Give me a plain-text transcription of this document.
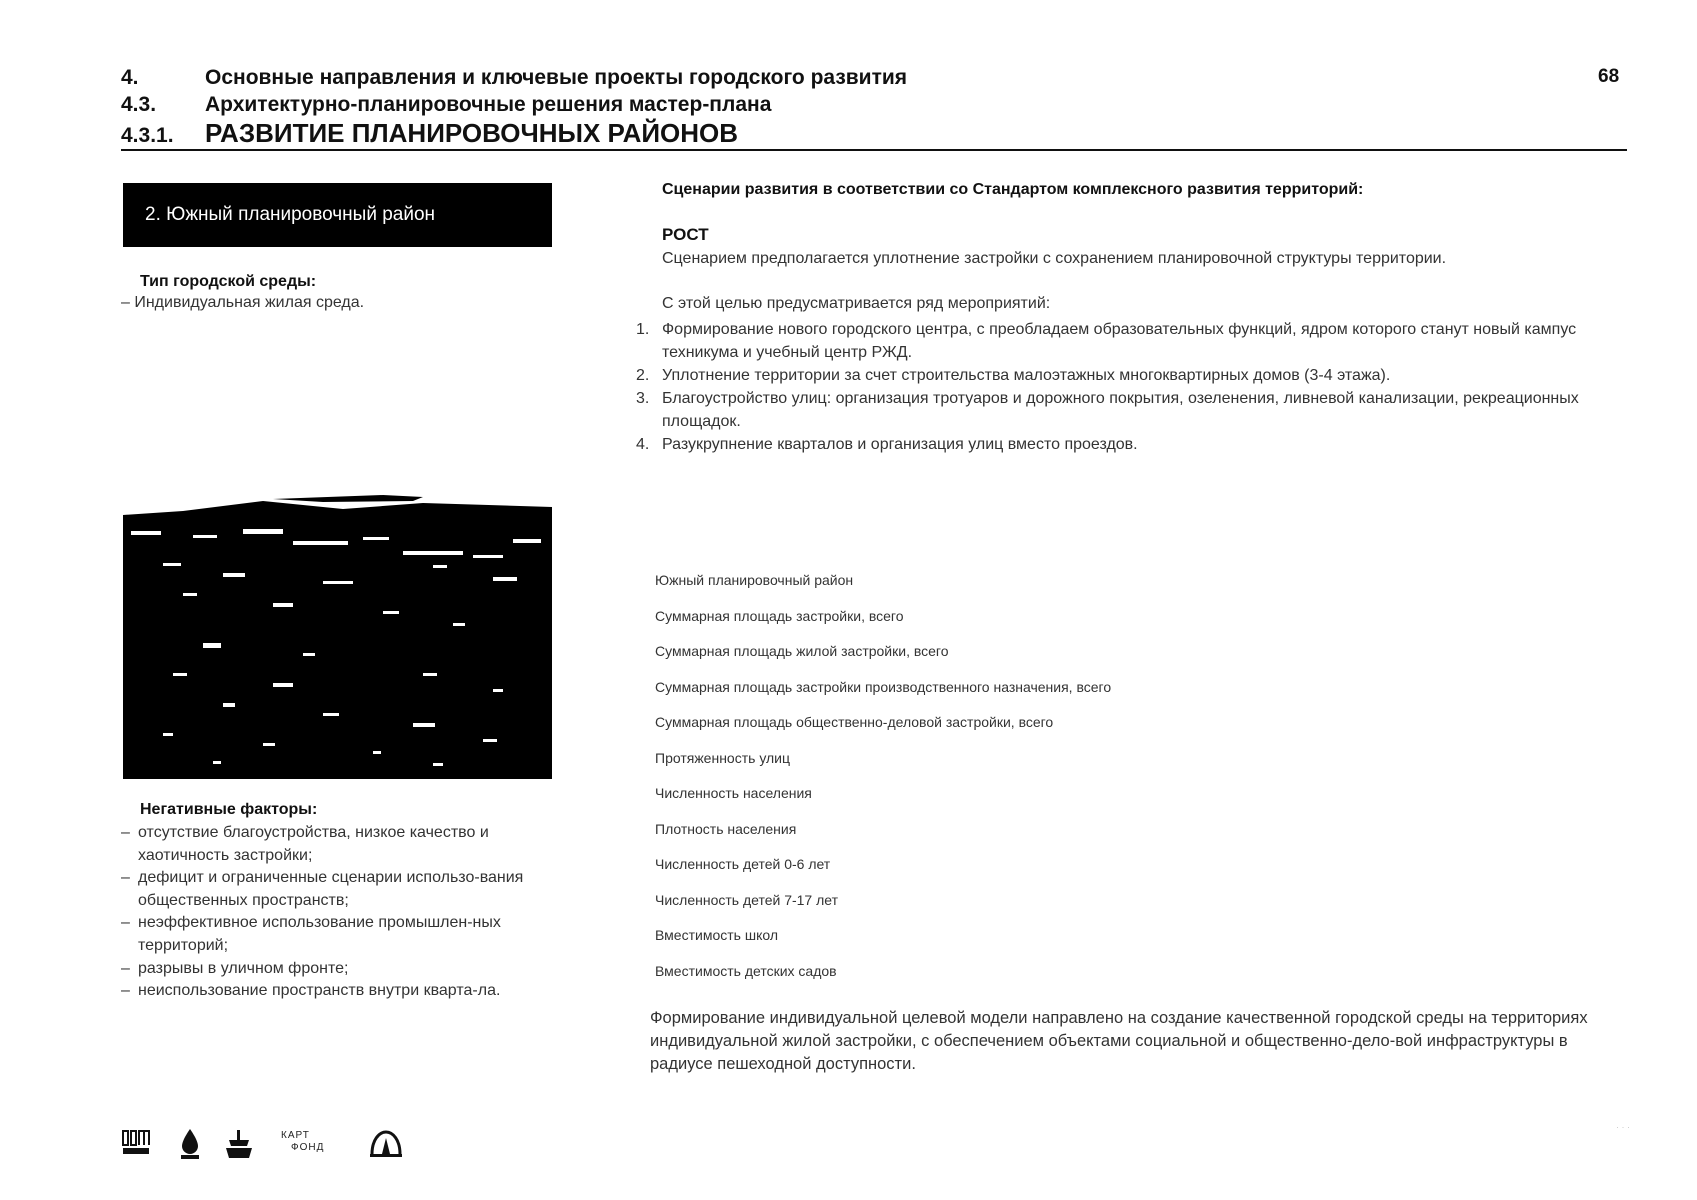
4.	Основные направления и ключевые проекты городского развития
4.3. Архитектурно-планировочные решения мастер-плана
4.3.1. РАЗВИТИЕ ПЛАНИРОВОЧНЫХ РАЙОНОВ
68
2. Южный планировочный район
Тип городской среды:
– Индивидуальная жилая среда.
Негативные факторы:
– отсутствие благоустройства, низкое качество и хаотичность застройки;
– дефицит и ограниченные сценарии использо-вания общественных пространств;
– неэффективное использование промышлен-ных территорий;
– разрывы в уличном фронте;
– неиспользование пространств внутри кварта-ла.
Сценарии развития в соответствии со Стандартом комплексного развития территорий:
РОСТ
Сценарием предполагается уплотнение застройки с сохранением планировочной структуры территории.
С этой целью предусматривается ряд мероприятий:
1. Формирование нового городского центра, с преобладаем образовательных функций, ядром которого станут новый кампус техникума и учебный центр РЖД.
2. Уплотнение территории за счет строительства малоэтажных многоквартирных домов (3-4 этажа).
3. Благоустройство улиц: организация тротуаров и дорожного покрытия, озеленения, ливневой канализации, рекреационных площадок.
4. Разукрупнение кварталов и организация улиц вместо проездов.
Южный планировочный район
Суммарная площадь застройки, всего
Суммарная площадь жилой застройки, всего
Суммарная площадь застройки производственного назначения, всего
Суммарная площадь общественно-деловой застройки, всего
Протяженность улиц
Численность населения
Плотность населения
Численность детей 0-6 лет
Численность детей 7-17 лет
Вместимость школ
Вместимость детских садов

Формирование индивидуальной целевой модели направлено на создание качественной городской среды на территориях индивидуальной жилой застройки, с обеспечением объектами социальной и общественно-дело-вой инфраструктуры в радиусе пешеходной доступности.

КАРТ
ФОНД
· · ·
